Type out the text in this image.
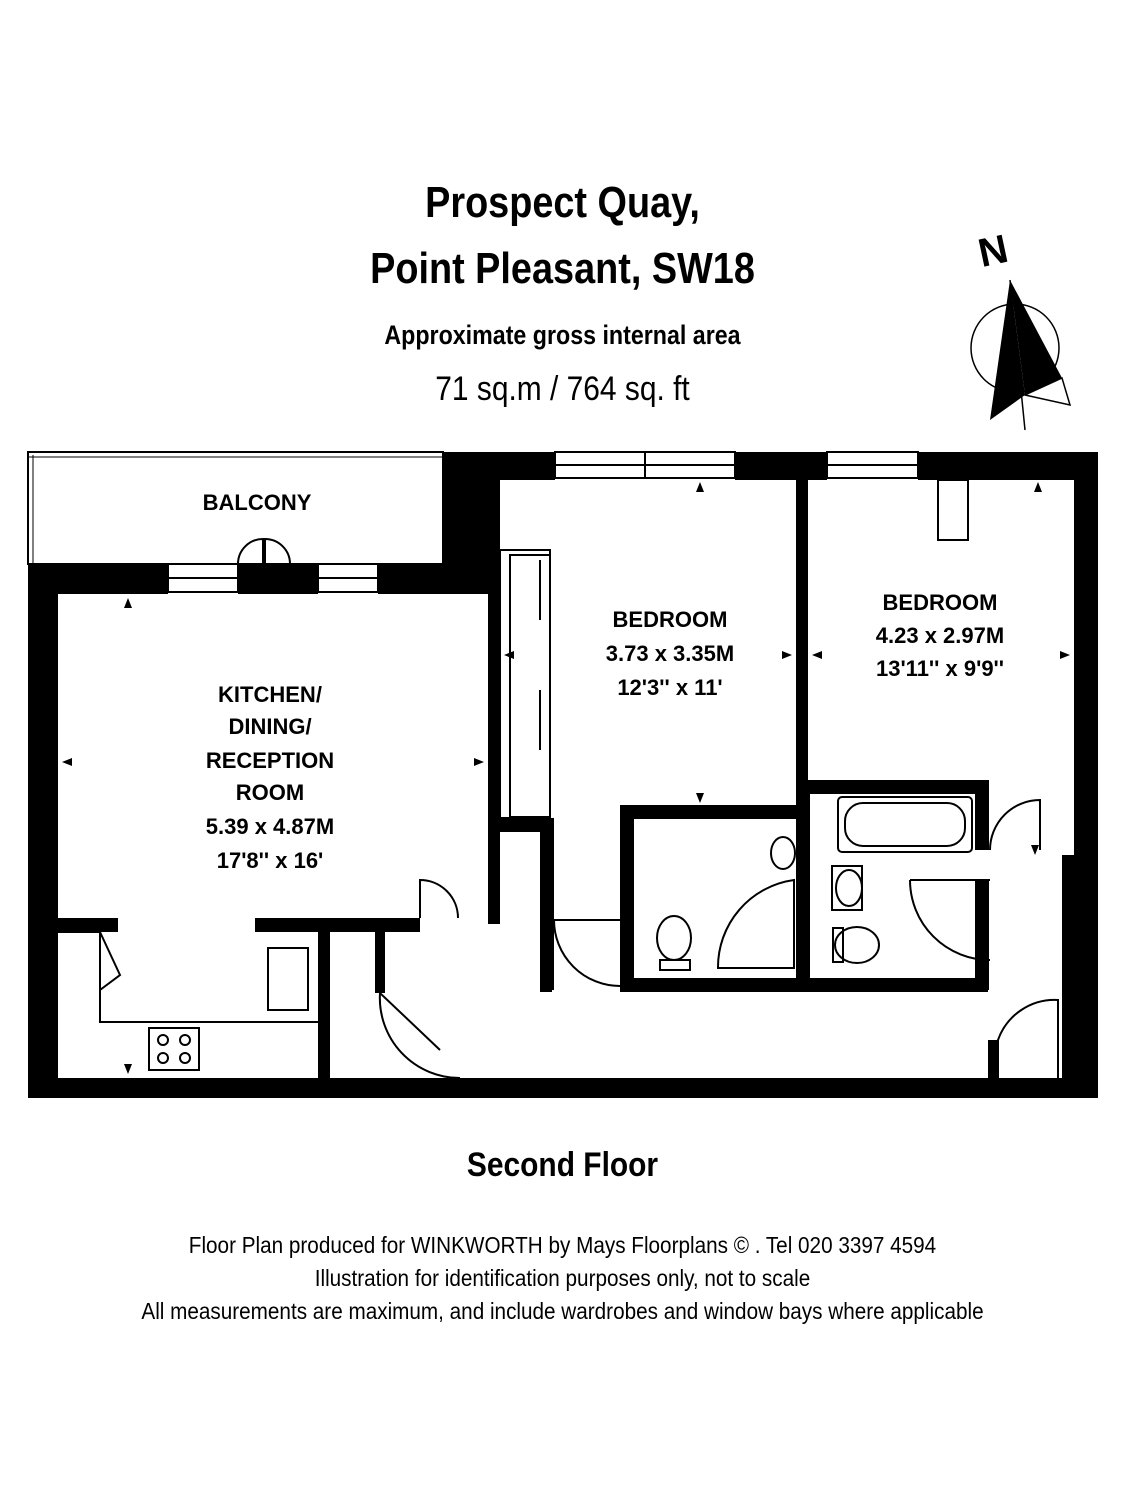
Prospect Quay,
Point Pleasant, SW18
Approximate gross internal area
71 sq.m / 764 sq. ft
N
BALCONY
KITCHEN/
DINING/
RECEPTION
ROOM
5.39 x 4.87M
17'8'' x 16'
BEDROOM
3.73 x 3.35M
12'3'' x 11'
BEDROOM
4.23 x 2.97M
13'11'' x 9'9''
Second Floor
Floor Plan produced for WINKWORTH by Mays Floorplans © . Tel 020 3397 4594
Illustration for identification purposes only, not to scale
All measurements are maximum, and include wardrobes and window bays where applicable
